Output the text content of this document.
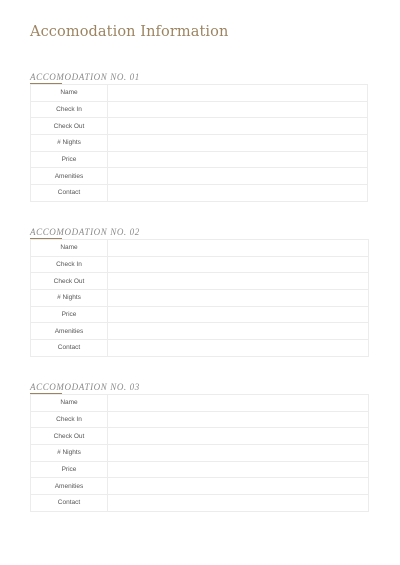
Accomodation Information
ACCOMODATION NO. 01
Name	
Check In	
Check Out	
# Nights	
Price	
Amenities	
Contact	
ACCOMODATION NO. 02
Name	
Check In	
Check Out	
# Nights	
Price	
Amenities	
Contact	
ACCOMODATION NO. 03
Name	
Check In	
Check Out	
# Nights	
Price	
Amenities	
Contact	
